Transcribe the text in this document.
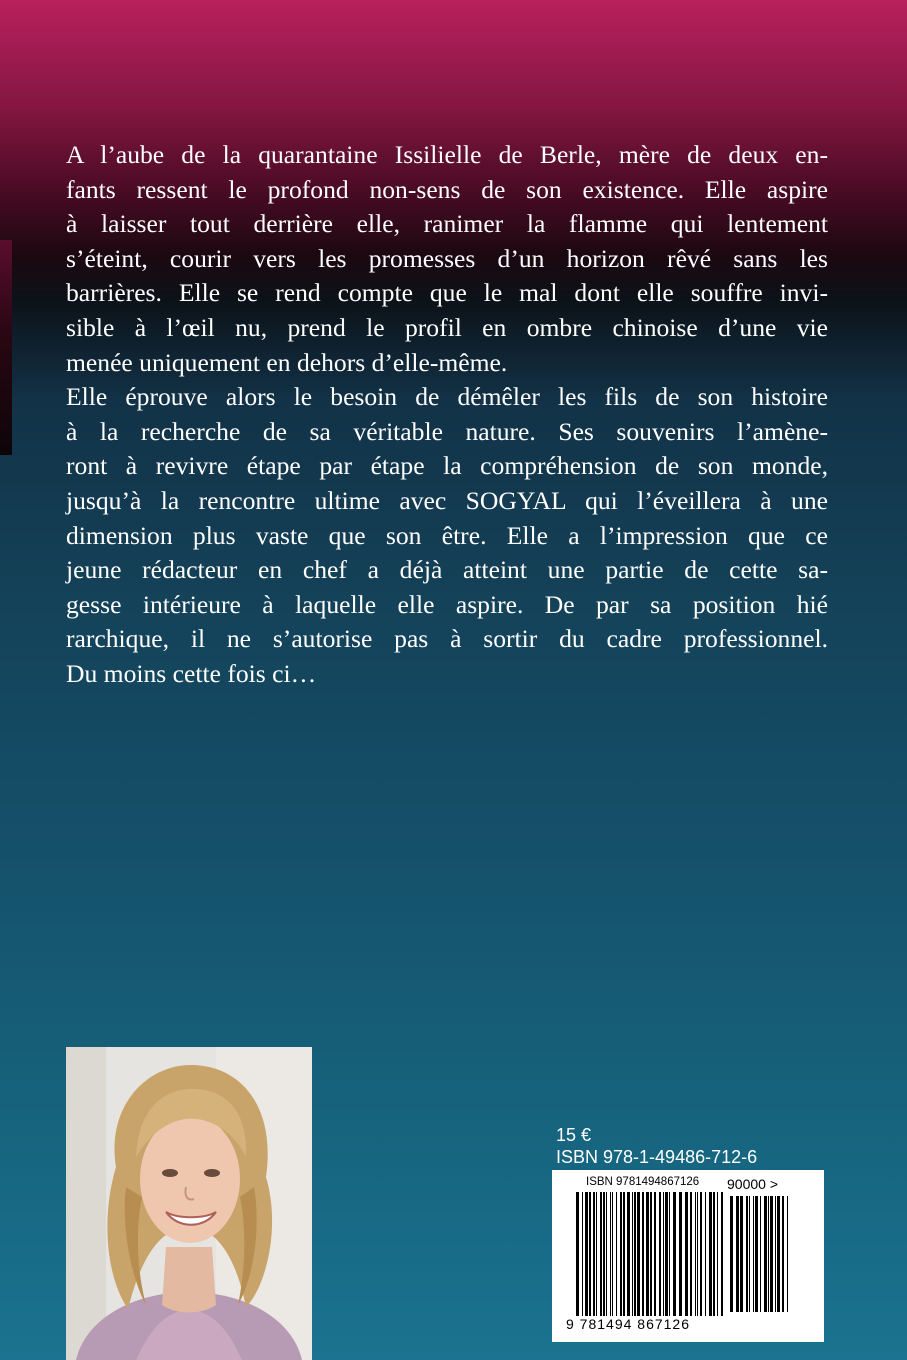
A l’aube de la quarantaine Issilielle de Berle, mère de deux en-
fants ressent le profond non-sens de son existence. Elle aspire
à laisser tout derrière elle, ranimer la flamme qui lentement
s’éteint, courir vers les promesses d’un horizon rêvé sans les
barrières. Elle se rend compte que le mal dont elle souffre invi-
sible à l’œil nu, prend le profil en ombre chinoise d’une vie
menée uniquement en dehors d’elle-même.
Elle éprouve alors le besoin de démêler les fils de son histoire
à la recherche de sa véritable nature. Ses souvenirs l’amène-
ront à revivre étape par étape la compréhension de son monde,
jusqu’à la rencontre ultime avec SOGYAL qui l’éveillera à une
dimension plus vaste que son être. Elle a l’impression que ce
jeune rédacteur en chef a déjà atteint une partie de cette sa-
gesse intérieure à laquelle elle aspire. De par sa position hié
rarchique, il ne s’autorise pas à sortir du cadre professionnel.
Du moins cette fois ci…
15 €
ISBN 978-1-49486-712-6
ISBN 9781494867126 90000 >
9 781494 867126
